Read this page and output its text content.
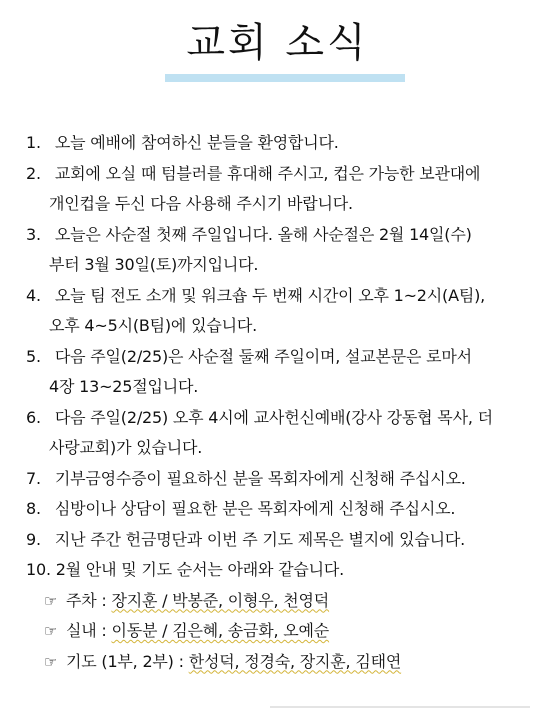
교회 소식
1. 오늘 예배에 참여하신 분들을 환영합니다.
2. 교회에 오실 때 텀블러를 휴대해 주시고, 컵은 가능한 보관대에
개인컵을 두신 다음 사용해 주시기 바랍니다.
3. 오늘은 사순절 첫째 주일입니다. 올해 사순절은 2월 14일(수)
부터 3월 30일(토)까지입니다.
4. 오늘 팀 전도 소개 및 워크숍 두 번째 시간이 오후 1~2시(A팀),
오후 4~5시(B팀)에 있습니다.
5. 다음 주일(2/25)은 사순절 둘째 주일이며, 설교본문은 로마서
4장 13~25절입니다.
6. 다음 주일(2/25) 오후 4시에 교사헌신예배(강사 강동협 목사, 더
사랑교회)가 있습니다.
7. 기부금영수증이 필요하신 분을 목회자에게 신청해 주십시오.
8. 심방이나 상담이 필요한 분은 목회자에게 신청해 주십시오.
9. 지난 주간 헌금명단과 이번 주 기도 제목은 별지에 있습니다.
10. 2월 안내 및 기도 순서는 아래와 같습니다.
☞ 주차 : 장지훈 / 박봉준, 이형우, 천영덕
☞ 실내 : 이동분 / 김은혜, 송금화, 오예순
☞ 기도 (1부, 2부) : 한성덕, 정경숙, 장지훈, 김태연
